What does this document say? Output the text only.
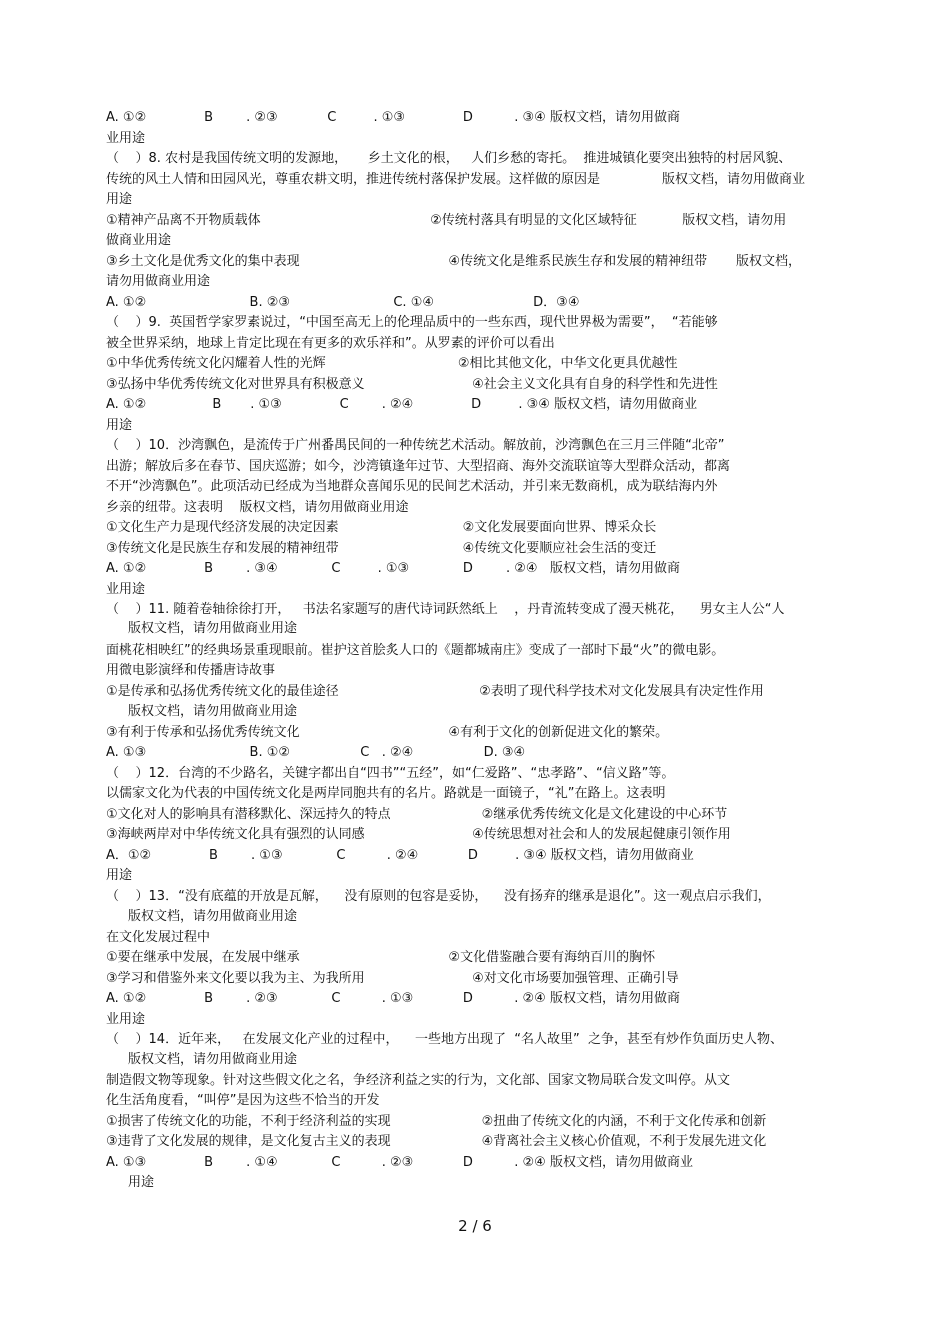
A. ①②              B        . ②③            C         . ①③              D          . ③④ 版权文档，请勿用做商
业用途
（    ）8. 农村是我国传统文明的发源地，     乡土文化的根，   人们乡愁的寄托。  推进城镇化要突出独特的村居风貌、
传统的风土人情和田园风光，尊重农耕文明，推进传统村落保护发展。这样做的原因是               版权文档，请勿用做商业
用途
①精神产品离不开物质载体                                         ②传统村落具有明显的文化区域特征           版权文档，请勿用
做商业用途
③乡土文化是优秀文化的集中表现                                    ④传统文化是维系民族生存和发展的精神纽带       版权文档，
请勿用做商业用途
A. ①②                         B. ②③                         C. ①④                        D．③④
（    ）9.  英国哲学家罗素说过，“中国至高无上的伦理品质中的一些东西，现代世界极为需要”，  “若能够
被全世界采纳，地球上肯定比现在有更多的欢乐祥和”。从罗素的评价可以看出
①中华优秀传统文化闪耀着人性的光辉                                ②相比其他文化，中华文化更具优越性
③弘扬中华优秀传统文化对世界具有积极意义                          ④社会主义文化具有自身的科学性和先进性
A. ①②                B       . ①③              C        . ②④              D         . ③④ 版权文档，请勿用做商业
用途
（    ）10．沙湾飘色，是流传于广州番禺民间的一种传统艺术活动。解放前，沙湾飘色在三月三伴随“北帝”
出游；解放后多在春节、国庆巡游；如今，沙湾镇逢年过节、大型招商、海外交流联谊等大型群众活动，都离
不开“沙湾飘色”。此项活动已经成为当地群众喜闻乐见的民间艺术活动，并引来无数商机，成为联结海内外
乡亲的纽带。这表明    版权文档，请勿用做商业用途
①文化生产力是现代经济发展的决定因素                              ②文化发展要面向世界、博采众长
③传统文化是民族生存和发展的精神纽带                              ④传统文化要顺应社会生活的变迁
A. ①②              B        . ③④             C         . ①③             D        . ②④   版权文档，请勿用做商
业用途
（    ）11. 随着卷轴徐徐打开，   书法名家题写的唐代诗词跃然纸上    ，丹青流转变成了漫天桃花，    男女主人公“人
版权文档，请勿用做商业用途
面桃花相映红”的经典场景重现眼前。崔护这首脍炙人口的《题都城南庄》变成了一部时下最“火”的微电影。
用微电影演绎和传播唐诗故事
①是传承和弘扬优秀传统文化的最佳途径                                  ②表明了现代科学技术对文化发展具有决定性作用
版权文档，请勿用做商业用途
③有利于传承和弘扬优秀传统文化                                    ④有利于文化的创新促进文化的繁荣。
A. ①③                         B. ①②                 C   . ②④                 D. ③④
（    ）12．台湾的不少路名，关键字都出自“四书”“五经”，如“仁爱路”、“忠孝路”、“信义路”等。
以儒家文化为代表的中国传统文化是两岸同胞共有的名片。路就是一面镜子，“礼”在路上。这表明
①文化对人的影响具有潜移默化、深远持久的特点                      ②继承优秀传统文化是文化建设的中心环节
③海峡两岸对中华传统文化具有强烈的认同感                          ④传统思想对社会和人的发展起健康引领作用
A．①②              B        . ①③             C          . ②④            D         . ③④ 版权文档，请勿用做商业
用途
（    ）13．“没有底蕴的开放是瓦解，    没有原则的包容是妥协，    没有扬弃的继承是退化”。这一观点启示我们，
版权文档，请勿用做商业用途
在文化发展过程中
①要在继承中发展，在发展中继承                                    ②文化借鉴融合要有海纳百川的胸怀
③学习和借鉴外来文化要以我为主、为我所用                          ④对文化市场要加强管理、正确引导
A. ①②              B        . ②③             C          . ①③            D          . ②④ 版权文档，请勿用做商
业用途
（    ）14．近年来，   在发展文化产业的过程中，    一些地方出现了  “名人故里”  之争，甚至有炒作负面历史人物、
版权文档，请勿用做商业用途
制造假文物等现象。针对这些假文化之名，争经济利益之实的行为，文化部、国家文物局联合发文叫停。从文
化生活角度看，“叫停”是因为这些不恰当的开发
①损害了传统文化的功能，不利于经济利益的实现                      ②扭曲了传统文化的内涵，不利于文化传承和创新
③违背了文化发展的规律，是文化复古主义的表现                      ④背离社会主义核心价值观，不利于发展先进文化
A. ①③              B        . ①④             C          . ②③            D          . ②④ 版权文档，请勿用做商业
用途
2 / 6
